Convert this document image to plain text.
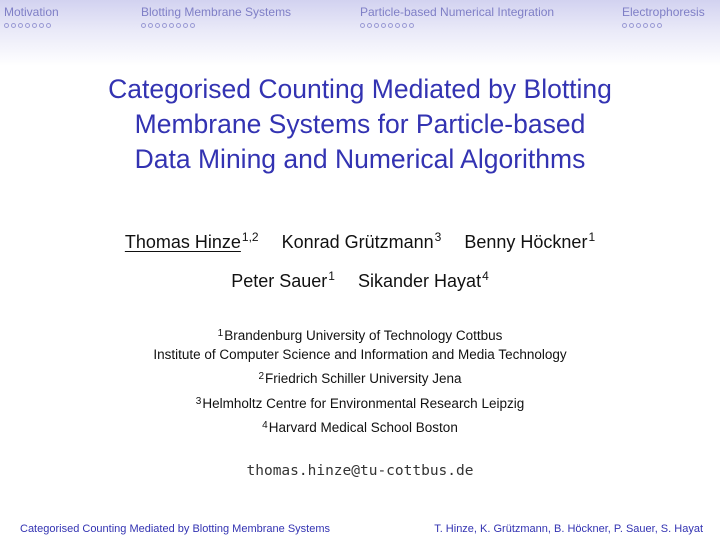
Motivation	Blotting Membrane Systems	Particle-based Numerical Integration	Electrophoresis
Categorised Counting Mediated by Blotting
Membrane Systems for Particle-based
Data Mining and Numerical Algorithms
Thomas Hinze$^{1,2}$ Konrad Grützmann$^3$ Benny Höckner$^1$
Peter Sauer$^1$ Sikander Hayat$^4$
$^1$Brandenburg University of Technology Cottbus
Institute of Computer Science and Information and Media Technology
$^2$Friedrich Schiller University Jena
$^3$Helmholtz Centre for Environmental Research Leipzig
$^4$Harvard Medical School Boston
thomas.hinze@tu-cottbus.de
Categorised Counting Mediated by Blotting Membrane Systems	T. Hinze, K. Grützmann, B. Höckner, P. Sauer, S. Hayat
